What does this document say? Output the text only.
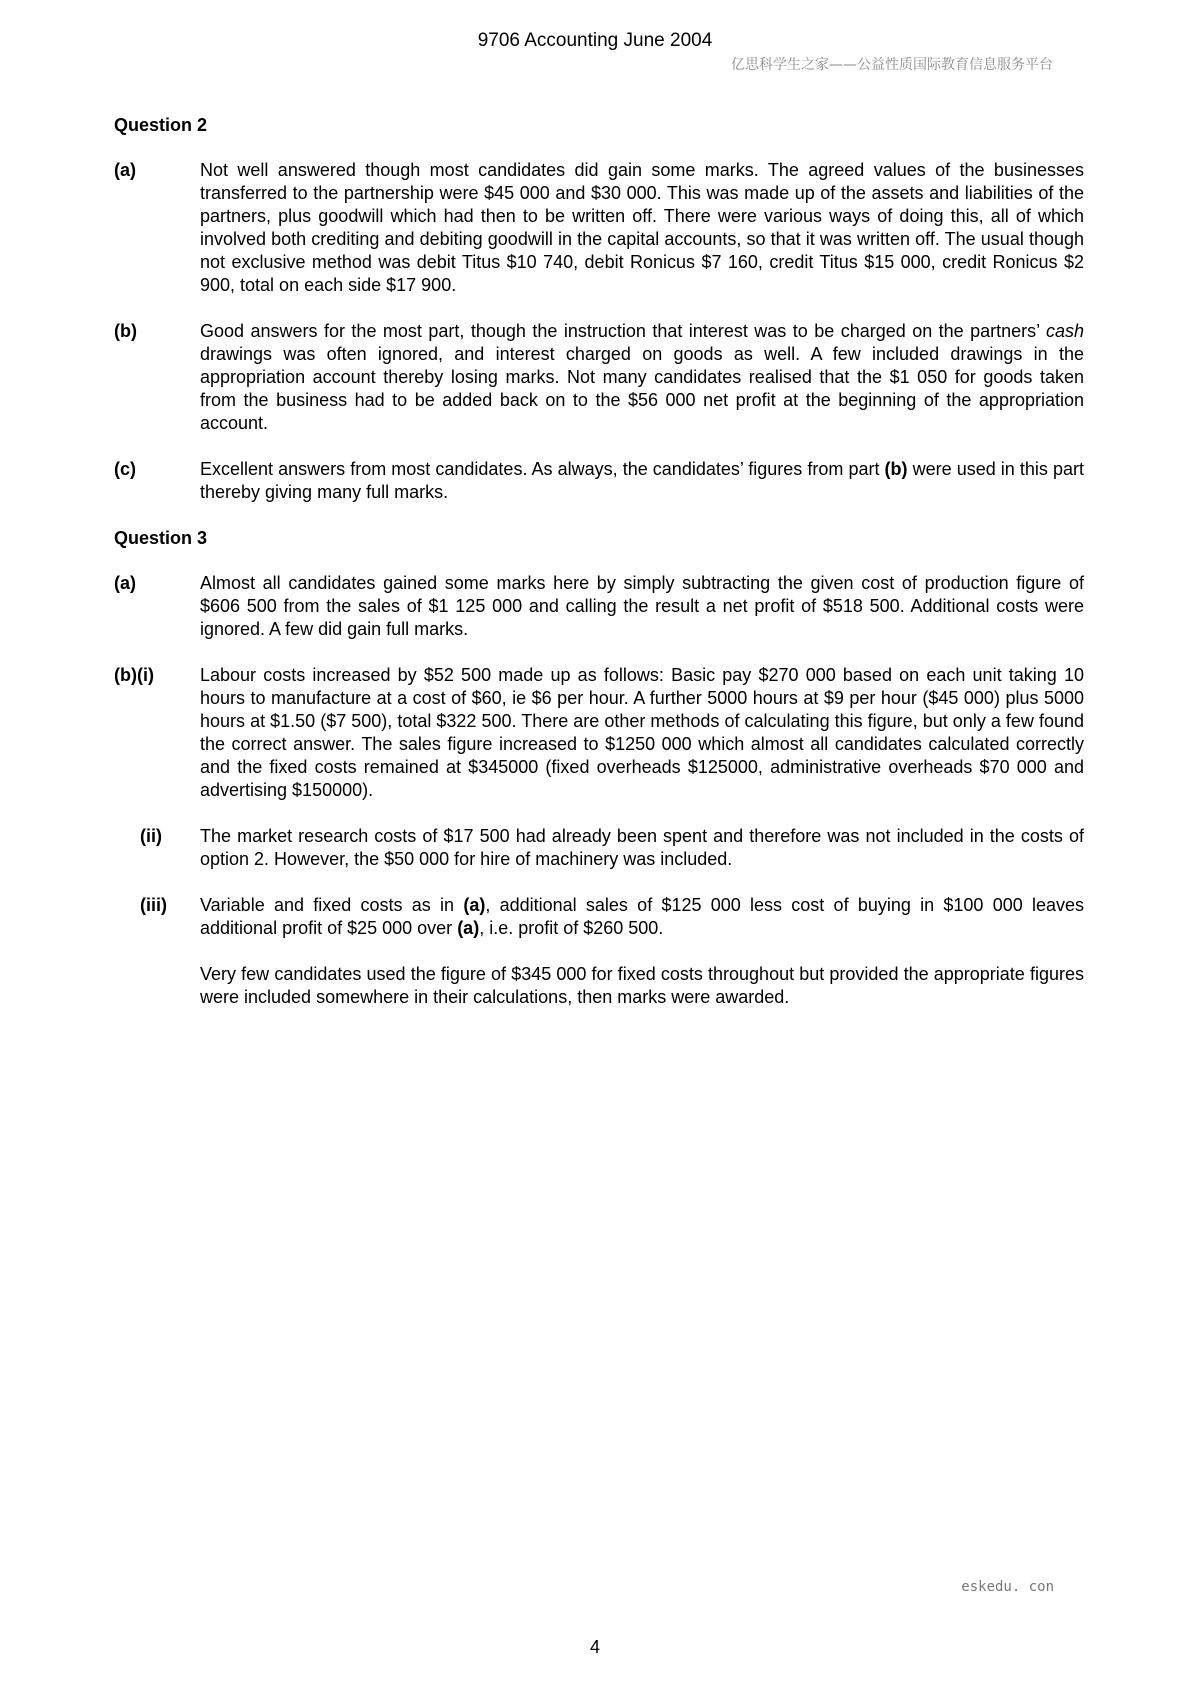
9706 Accounting June 2004
亿思科学生之家——公益性质国际教育信息服务平台
Question 2
(a)	Not well answered though most candidates did gain some marks. The agreed values of the businesses transferred to the partnership were $45 000 and $30 000. This was made up of the assets and liabilities of the partners, plus goodwill which had then to be written off. There were various ways of doing this, all of which involved both crediting and debiting goodwill in the capital accounts, so that it was written off. The usual though not exclusive method was debit Titus $10 740, debit Ronicus $7 160, credit Titus $15 000, credit Ronicus $2 900, total on each side $17 900.
(b)	Good answers for the most part, though the instruction that interest was to be charged on the partners’ cash drawings was often ignored, and interest charged on goods as well. A few included drawings in the appropriation account thereby losing marks. Not many candidates realised that the $1 050 for goods taken from the business had to be added back on to the $56 000 net profit at the beginning of the appropriation account.
(c)	Excellent answers from most candidates. As always, the candidates’ figures from part (b) were used in this part thereby giving many full marks.
Question 3
(a)	Almost all candidates gained some marks here by simply subtracting the given cost of production figure of $606 500 from the sales of $1 125 000 and calling the result a net profit of $518 500. Additional costs were ignored. A few did gain full marks.
(b)(i)	Labour costs increased by $52 500 made up as follows: Basic pay $270 000 based on each unit taking 10 hours to manufacture at a cost of $60, ie $6 per hour. A further 5000 hours at $9 per hour ($45 000) plus 5000 hours at $1.50 ($7 500), total $322 500. There are other methods of calculating this figure, but only a few found the correct answer. The sales figure increased to $1250 000 which almost all candidates calculated correctly and the fixed costs remained at $345000 (fixed overheads $125000, administrative overheads $70 000 and advertising $150000).
(ii)	The market research costs of $17 500 had already been spent and therefore was not included in the costs of option 2. However, the $50 000 for hire of machinery was included.
(iii)	Variable and fixed costs as in (a), additional sales of $125 000 less cost of buying in $100 000 leaves additional profit of $25 000 over (a), i.e. profit of $260 500.
Very few candidates used the figure of $345 000 for fixed costs throughout but provided the appropriate figures were included somewhere in their calculations, then marks were awarded.
eskedu. con
4
